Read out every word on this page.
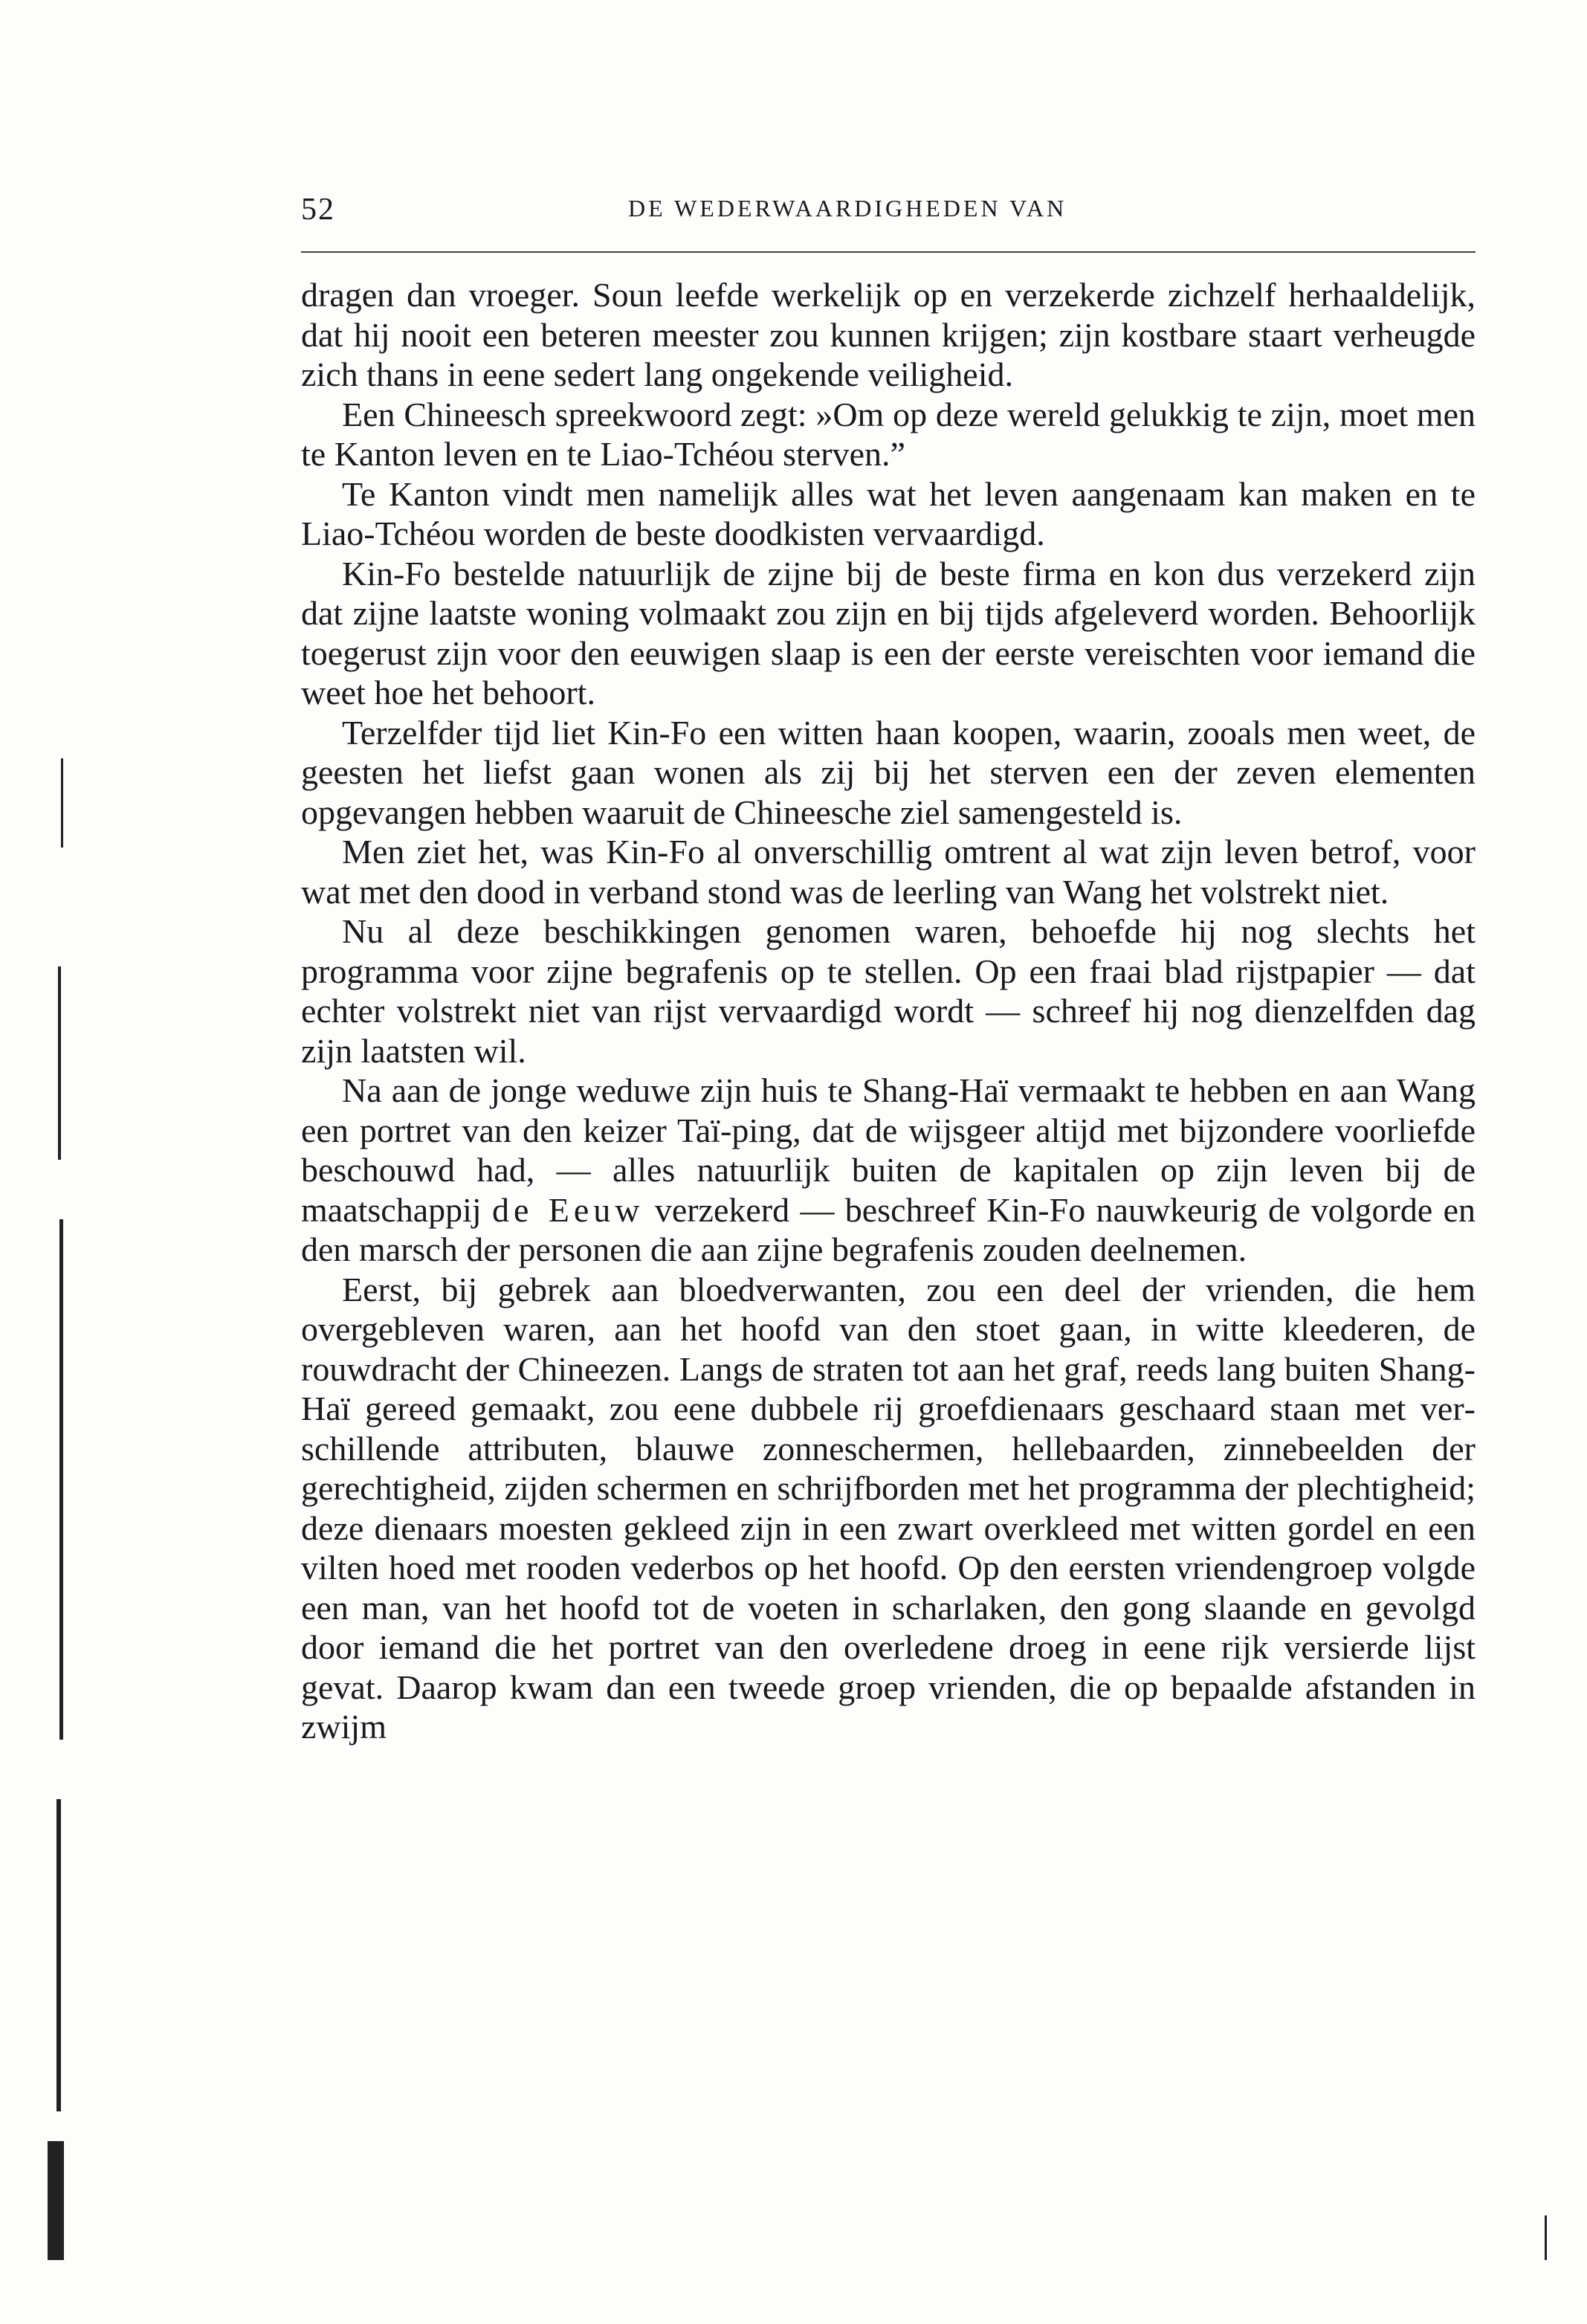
52	DE WEDERWAARDIGHEDEN VAN

dragen dan vroeger. Soun leefde werkelijk op en verzekerde zichzelf herhaaldelijk, dat hij nooit een beteren meester zou kunnen krijgen; zijn kostbare staart verheugde zich thans in eene sedert lang ongekende veiligheid.

Een Chineesch spreekwoord zegt: »Om op deze wereld gelukkig te zijn, moet men te Kanton leven en te Liao-Tchéou sterven.”

Te Kanton vindt men namelijk alles wat het leven aangenaam kan maken en te Liao-Tchéou worden de beste doodkisten vervaardigd.

Kin-Fo bestelde natuurlijk de zijne bij de beste firma en kon dus verzekerd zijn dat zijne laatste woning volmaakt zou zijn en bij tijds afgeleverd worden. Behoorlijk toegerust zijn voor den eeuwigen slaap is een der eerste vereischten voor iemand die weet hoe het behoort.

Terzelfder tijd liet Kin-Fo een witten haan koopen, waarin, zooals men weet, de geesten het liefst gaan wonen als zij bij het sterven een der zeven elementen opgevangen hebben waaruit de Chineesche ziel samengesteld is.

Men ziet het, was Kin-Fo al onverschillig omtrent al wat zijn leven betrof, voor wat met den dood in verband stond was de leerling van Wang het volstrekt niet.

Nu al deze beschikkingen genomen waren, behoefde hij nog slechts het programma voor zijne begrafenis op te stellen. Op een fraai blad rijstpapier — dat echter volstrekt niet van rijst vervaardigd wordt — schreef hij nog dienzelfden dag zijn laatsten wil.

Na aan de jonge weduwe zijn huis te Shang-Haï vermaakt te hebben en aan Wang een portret van den keizer Taï-ping, dat de wijsgeer altijd met bijzondere voorliefde beschouwd had, — alles natuurlijk buiten de kapitalen op zijn leven bij de maatschappij de Eeuw verzekerd — beschreef Kin-Fo nauwkeurig de volgorde en den marsch der personen die aan zijne begrafenis zouden deelnemen.

Eerst, bij gebrek aan bloedverwanten, zou een deel der vrienden, die hem overgebleven waren, aan het hoofd van den stoet gaan, in witte kleederen, de rouwdracht der Chineezen. Langs de straten tot aan het graf, reeds lang buiten Shang-Haï gereed gemaakt, zou eene dubbele rij groefdienaars geschaard staan met verschillende attributen, blauwe zonneschermen, hellebaarden, zinnebeelden der gerechtigheid, zijden schermen en schrijfborden met het programma der plechtigheid; deze dienaars moesten gekleed zijn in een zwart overkleed met witten gordel en een vilten hoed met rooden vederbos op het hoofd. Op den eersten vriendengroep volgde een man, van het hoofd tot de voeten in scharlaken, den gong slaande en gevolgd door iemand die het portret van den overledene droeg in eene rijk versierde lijst gevat. Daarop kwam dan een tweede groep vrienden, die op bepaalde afstanden in zwijm
